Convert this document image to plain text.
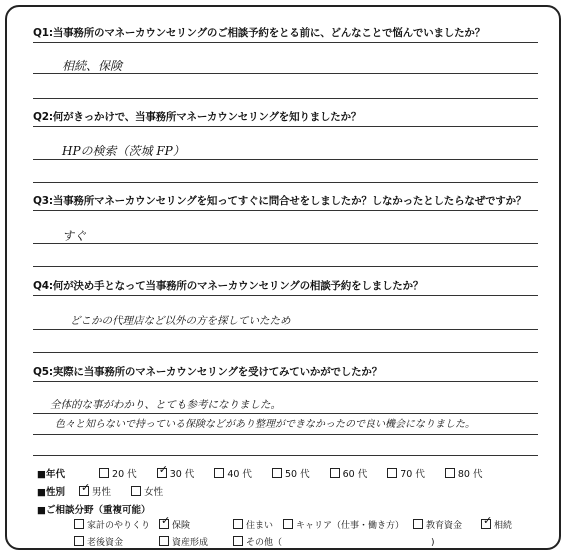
Q1:当事務所のマネーカウンセリングのご相談予約をとる前に、どんなことで悩んでいましたか？
相続、保険
Q2:何がきっかけで、当事務所マネーカウンセリングを知りましたか？
HPの検索（茨城 FP）
Q3:当事務所マネーカウンセリングを知ってすぐに問合せをしましたか？しなかったとしたらなぜですか？
すぐ
Q4:何が決め手となって当事務所のマネーカウンセリングの相談予約をしましたか？
どこかの代理店など以外の方を探していたため
Q5:実際に当事務所のマネーカウンセリングを受けてみていかがでしたか？
全体的な事がわかり、とても参考になりました。
色々と知らないで持っている保険などがあり整理ができなかったので良い機会になりました。
■年代	20 代 ✓ 30 代	40 代	50 代	60 代	70 代	80 代
■性別 ✓ 男性	女性
■ご相談分野（重複可能）
家計のやりくり ✓ 保険	住まい	キャリア（仕事・働き方） 教育資金 ✓ 相続
老後資金	資産形成	その他（	)
